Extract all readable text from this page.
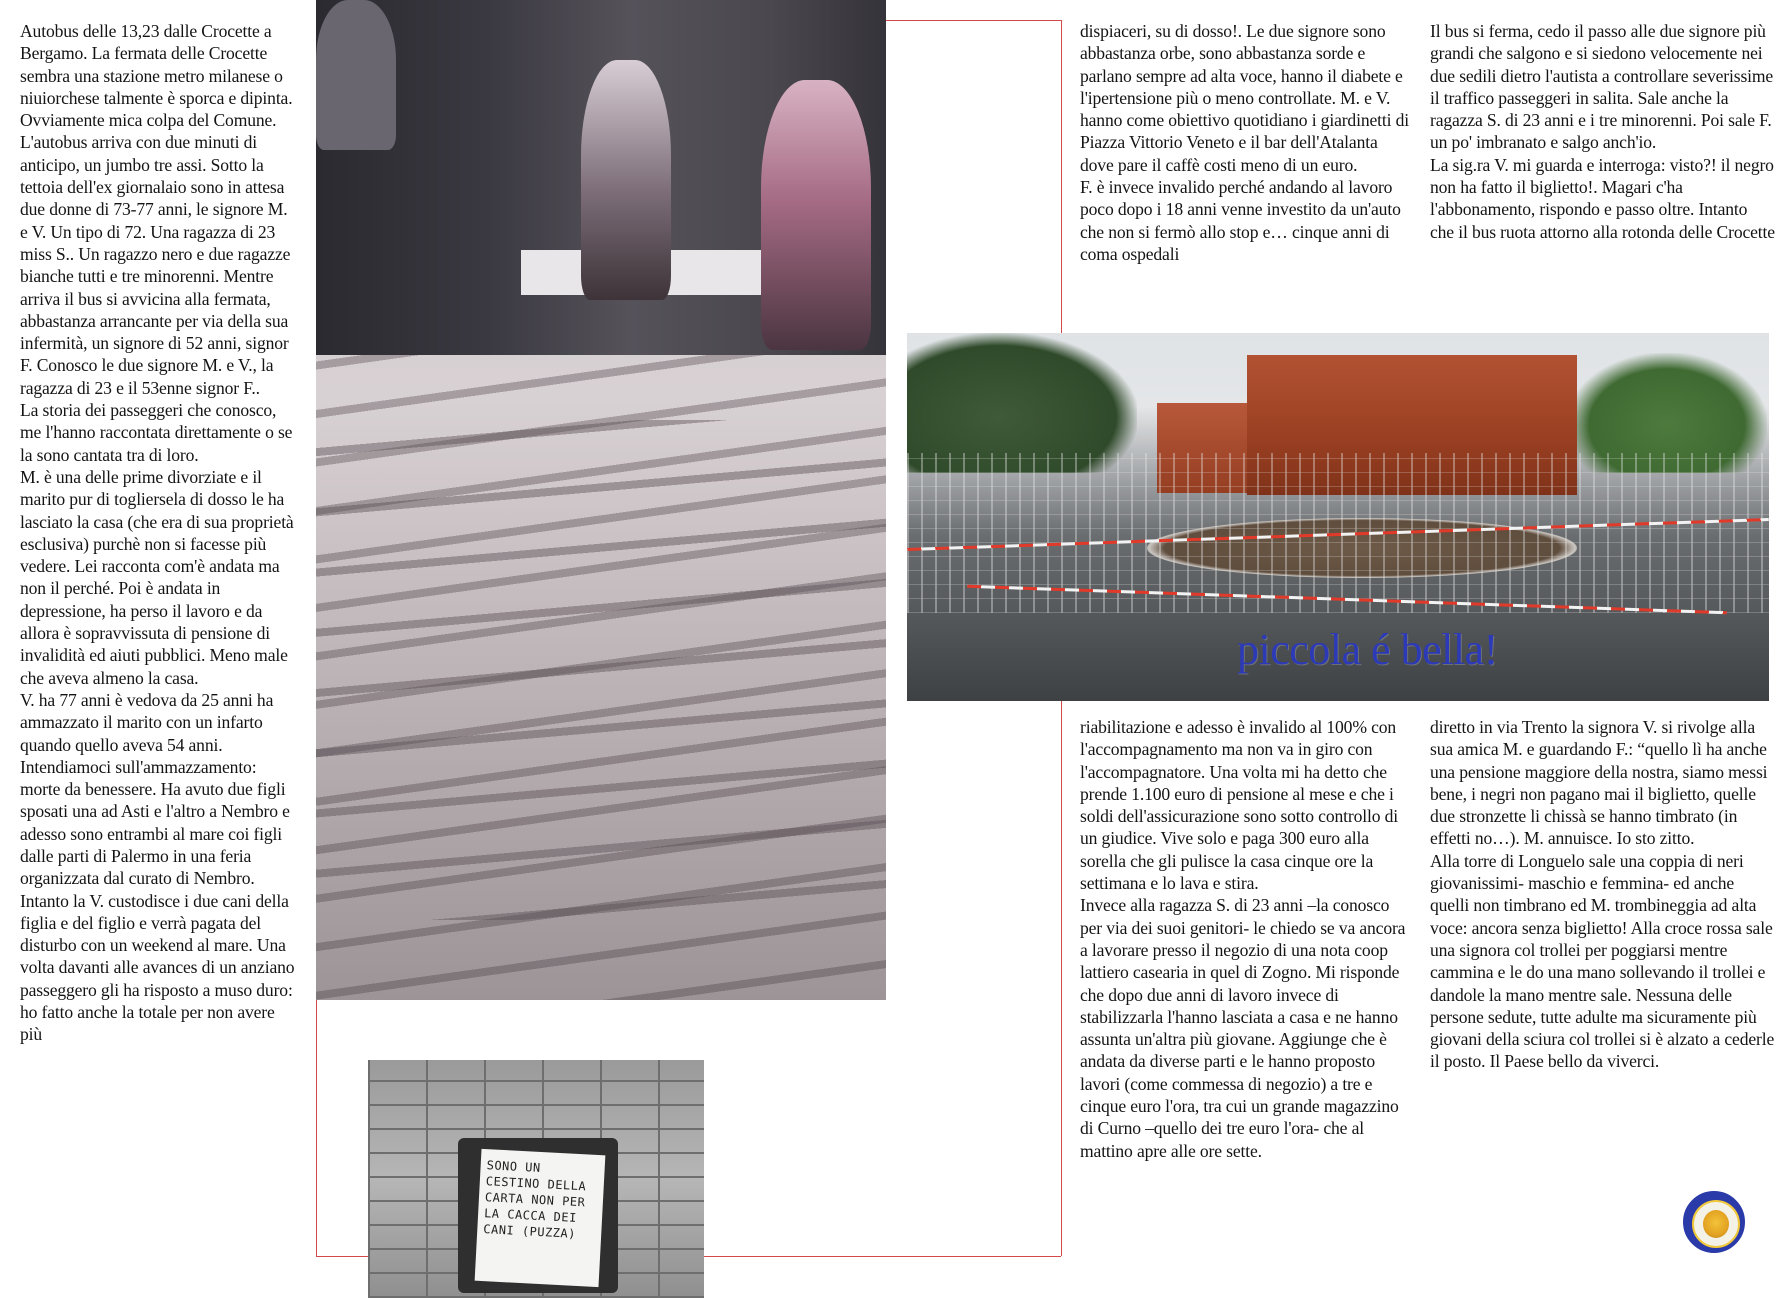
SONO UN CESTINO DELLA CARTA NON PER LA CACCA DEI CANI (PUZZA)
piccola é bella!

Autobus delle 13,23 dalle Crocette a Bergamo. La fermata delle Crocette sembra una stazione metro milanese o niuiorchese talmente è sporca e dipinta. Ovviamente mica colpa del Comune. L'autobus arriva con due minuti di anticipo, un jumbo tre assi. Sotto la tettoia dell'ex giornalaio sono in attesa due donne di 73-77 anni, le signore M. e V. Un tipo di 72. Una ragazza di 23 miss S.. Un ragazzo nero e due ragazze bianche tutti e tre minorenni. Mentre arriva il bus si avvicina alla fermata, abbastanza arrancante per via della sua infermità, un signore di 52 anni, signor F. Conosco le due signore M. e V., la ragazza di 23 e il 53enne signor F..

La storia dei passeggeri che conosco, me l'hanno raccontata direttamente o se la sono cantata tra di loro.

M. è una delle prime divorziate e il marito pur di togliersela di dosso le ha lasciato la casa (che era di sua proprietà esclusiva) purchè non si facesse più vedere. Lei racconta com'è andata ma non il perché. Poi è andata in depressione, ha perso il lavoro e da allora è sopravvissuta di pensione di invalidità ed aiuti pubblici. Meno male che aveva almeno la casa.

V. ha 77 anni è vedova da 25 anni ha ammazzato il marito con un infarto quando quello aveva 54 anni. Intendiamoci sull'ammazzamento: morte da benessere. Ha avuto due figli sposati una ad Asti e l'altro a Nembro e adesso sono entrambi al mare coi figli dalle parti di Palermo in una feria organizzata dal curato di Nembro. Intanto la V. custodisce i due cani della figlia e del figlio e verrà pagata del disturbo con un weekend al mare. Una volta davanti alle avances di un anziano passeggero gli ha risposto a muso duro: ho fatto anche la totale per non avere più

dispiaceri, su di dosso!. Le due signore sono abbastanza orbe, sono abbastanza sorde e parlano sempre ad alta voce, hanno il diabete e l'ipertensione più o meno controllate. M. e V. hanno come obiettivo quotidiano i giardinetti di Piazza Vittorio Veneto e il bar dell'Atalanta dove pare il caffè costi meno di un euro.

F. è invece invalido perché andando al lavoro poco dopo i 18 anni venne investito da un'auto che non si fermò allo stop e… cinque anni di coma ospedali

Il bus si ferma, cedo il passo alle due signore più grandi che salgono e si siedono velocemente nei due sedili dietro l'autista a controllare severissime il traffico passeggeri in salita. Sale anche la ragazza S. di 23 anni e i tre minorenni. Poi sale F. un po' imbranato e salgo anch'io.

La sig.ra V. mi guarda e interroga: visto?! il negro non ha fatto il biglietto!. Magari c'ha l'abbonamento, rispondo e passo oltre. Intanto che il bus ruota attorno alla rotonda delle Crocette

riabilitazione e adesso è invalido al 100% con l'accompagnamento ma non va in giro con l'accompagnatore. Una volta mi ha detto che prende 1.100 euro di pensione al mese e che i soldi dell'assicurazione sono sotto controllo di un giudice. Vive solo e paga 300 euro alla sorella che gli pulisce la casa cinque ore la settimana e lo lava e stira.

Invece alla ragazza S. di 23 anni –la conosco per via dei suoi genitori- le chiedo se va ancora a lavorare presso il negozio di una nota coop lattiero casearia in quel di Zogno. Mi risponde che dopo due anni di lavoro invece di stabilizzarla l'hanno lasciata a casa e ne hanno assunta un'altra più giovane. Aggiunge che è andata da diverse parti e le hanno proposto lavori (come commessa di negozio) a tre e cinque euro l'ora, tra cui un grande magazzino di Curno –quello dei tre euro l'ora- che al mattino apre alle ore sette.

diretto in via Trento la signora V. si rivolge alla sua amica M. e guardando F.: “quello lì ha anche una pensione maggiore della nostra, siamo messi bene, i negri non pagano mai il biglietto, quelle due stronzette li chissà se hanno timbrato (in effetti no…). M. annuisce. Io sto zitto.

Alla torre di Longuelo sale una coppia di neri giovanissimi- maschio e femmina- ed anche quelli non timbrano ed M. trombineggia ad alta voce: ancora senza biglietto! Alla croce rossa sale una signora col trollei per poggiarsi mentre cammina e le do una mano sollevando il trollei e dandole la mano mentre sale. Nessuna delle persone sedute, tutte adulte ma sicuramente più giovani della sciura col trollei si è alzato a cederle il posto. Il Paese bello da viverci.
